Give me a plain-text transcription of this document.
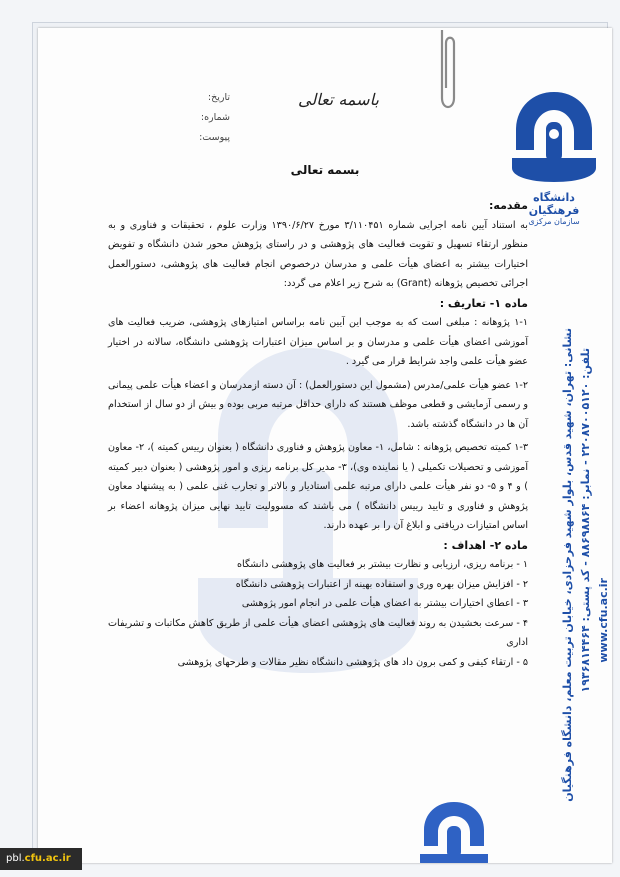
تاریخ:
شماره:
پیوست:
باسمه تعالی
دانشگاه فرهنگیان
سازمان مرکزی
نشانی: تهران، شهید قدس، بلوار شهید فرحزادی، خیابان تربیت معلم، دانشگاه فرهنگیان تلفن: ۲۲۰۸۷۰۰۵۱۲۰ - نمابر: ۸۸۶۹۸۸۶۴ - کد پستی: ۱۹۳۶۸۱۴۴۶۴
www.cfu.ac.ir
بسمه تعالی

مقدمه:

به استناد آیین نامه اجرایی شماره ۳/۱۱۰۴۵۱ مورخ ۱۳۹۰/۶/۲۷ وزارت علوم ، تحقیقات و فناوری و به منظور ارتقاء تسهیل و تقویت فعالیت های پژوهشی و در راستای پژوهش محور شدن دانشگاه و تفویض اختیارات بیشتر به اعضای هیأت علمی و مدرسان درخصوص انجام فعالیت های پژوهشی، دستورالعمل اجرائی تخصیص پژوهانه (Grant) به شرح زیر اعلام می گردد:

ماده ۱- تعاریف :

۱-۱ پژوهانه : مبلغی است که به موجب این آیین نامه براساس امتیازهای پژوهشی، ضریب فعالیت های آموزشی اعضای هیأت علمی و مدرسان و بر اساس میزان اعتبارات پژوهشی دانشگاه، سالانه در اختیار عضو هیأت علمی واجد شرایط قرار می گیرد .

۱-۲ عضو هیأت علمی/مدرس (مشمول این دستورالعمل) : آن دسته ازمدرسان و اعضاء هیأت علمی پیمانی و رسمی آزمایشی و قطعی موظف هستند که دارای حداقل مرتبه مربی بوده و بیش از دو سال از استخدام آن ها در دانشگاه گذشته باشد.

۱-۳ کمیته تخصیص پژوهانه : شامل، ۱- معاون پژوهش و فناوری دانشگاه ( بعنوان رییس کمیته )، ۲- معاون آموزشی و تحصیلات تکمیلی ( یا نماینده وی)، ۳- مدیر کل برنامه ریزی و امور پژوهشی ( بعنوان دبیر کمیته ) و ۴ و ۵- دو نفر هیأت علمی دارای مرتبه علمی استادیار و بالاتر و تجارب غنی علمی ( به پیشنهاد معاون پژوهش و فناوری و تایید رییس دانشگاه ) می باشند که مسوولیت تایید نهایی میزان پژوهانه اعضاء بر اساس امتیازات دریافتی و ابلاغ آن را بر عهده دارند.

ماده ۲- اهداف :

۱ - برنامه ریزی، ارزیابی و نظارت بیشتر بر فعالیت های پژوهشی دانشگاه

۲ - افزایش میزان بهره وری و استفاده بهینه از اعتبارات پژوهشی دانشگاه

۳ - اعطای اختیارات بیشتر به اعضای هیأت علمی در انجام امور پژوهشی

۴ - سرعت بخشیدن به روند فعالیت های پژوهشی اعضای هیأت علمی از طریق کاهش مکاتبات و تشریفات اداری

۵ - ارتقاء کیفی و کمی برون داد های پژوهشی دانشگاه نظیر مقالات و طرحهای پژوهشی

pbl.cfu.ac.ir
